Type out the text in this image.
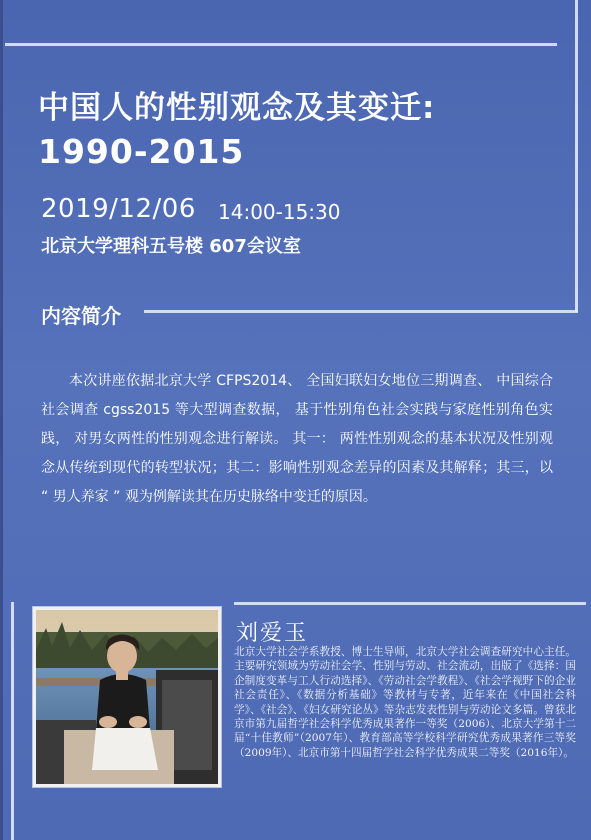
中国人的性别观念及其变迁:
1990-2015
2019/12/06 14:00-15:30
北京大学理科五号楼 607会议室
内容简介
本次讲座依据北京大学 CFPS2014、 全国妇联妇女地位三期调查、 中国综合社会调查 cgss2015 等大型调查数据， 基于性别角色社会实践与家庭性别角色实践， 对男女两性的性别观念进行解读。 其一： 两性性别观念的基本状况及性别观念从传统到现代的转型状况；其二：影响性别观念差异的因素及其解释；其三，以 “ 男人养家 ” 观为例解读其在历史脉络中变迁的原因。
刘爱玉
北京大学社会学系教授、博士生导师，北京大学社会调查研究中心主任。主要研究领域为劳动社会学、性别与劳动、社会流动，出版了《选择：国企制度变革与工人行动选择》、《劳动社会学教程》、《社会学视野下的企业社会责任》、《数据分析基础》等教材与专著，近年来在《中国社会科学》、《社会》、《妇女研究论丛》等杂志发表性别与劳动论文多篇。曾获北京市第九届哲学社会科学优秀成果著作一等奖（2006）、北京大学第十二届“十佳教师”（2007年）、教育部高等学校科学研究优秀成果著作三等奖（2009年）、北京市第十四届哲学社会科学优秀成果二等奖（2016年）。
